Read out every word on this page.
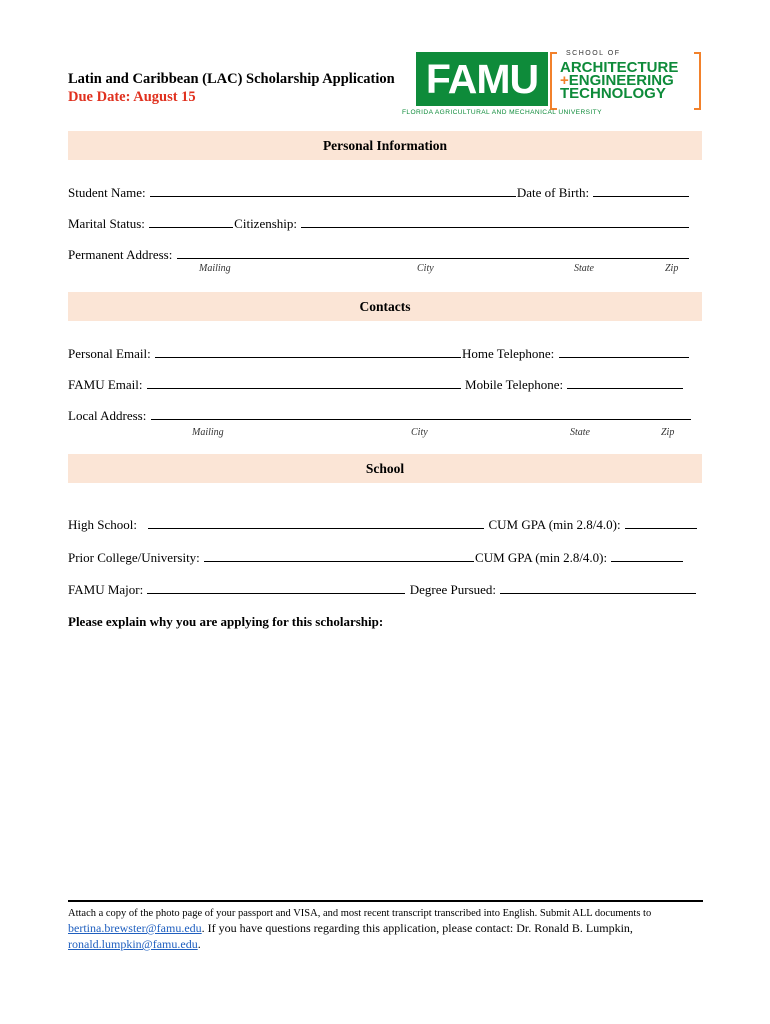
Latin and Caribbean (LAC) Scholarship Application
Due Date: August 15	FAMU
SCHOOL OF
ARCHITECTURE
+ENGINEERING
TECHNOLOGY
FLORIDA AGRICULTURAL AND MECHANICAL UNIVERSITY
Personal Information
Student Name:	Date of Birth:
Marital Status:	Citizenship:
Permanent Address:
Mailing	City	State	Zip
Contacts
Personal Email:	Home Telephone:
FAMU Email:	Mobile Telephone:
Local Address:
Mailing	City	State	Zip
School
High School:	CUM GPA (min 2.8/4.0):
Prior College/University:	CUM GPA (min 2.8/4.0):
FAMU Major:	Degree Pursued:
Please explain why you are applying for this scholarship:
Attach a copy of the photo page of your passport and VISA, and most recent transcript transcribed into English. Submit ALL documents to
bertina.brewster@famu.edu. If you have questions regarding this application, please contact: Dr. Ronald B. Lumpkin,
ronald.lumpkin@famu.edu.
